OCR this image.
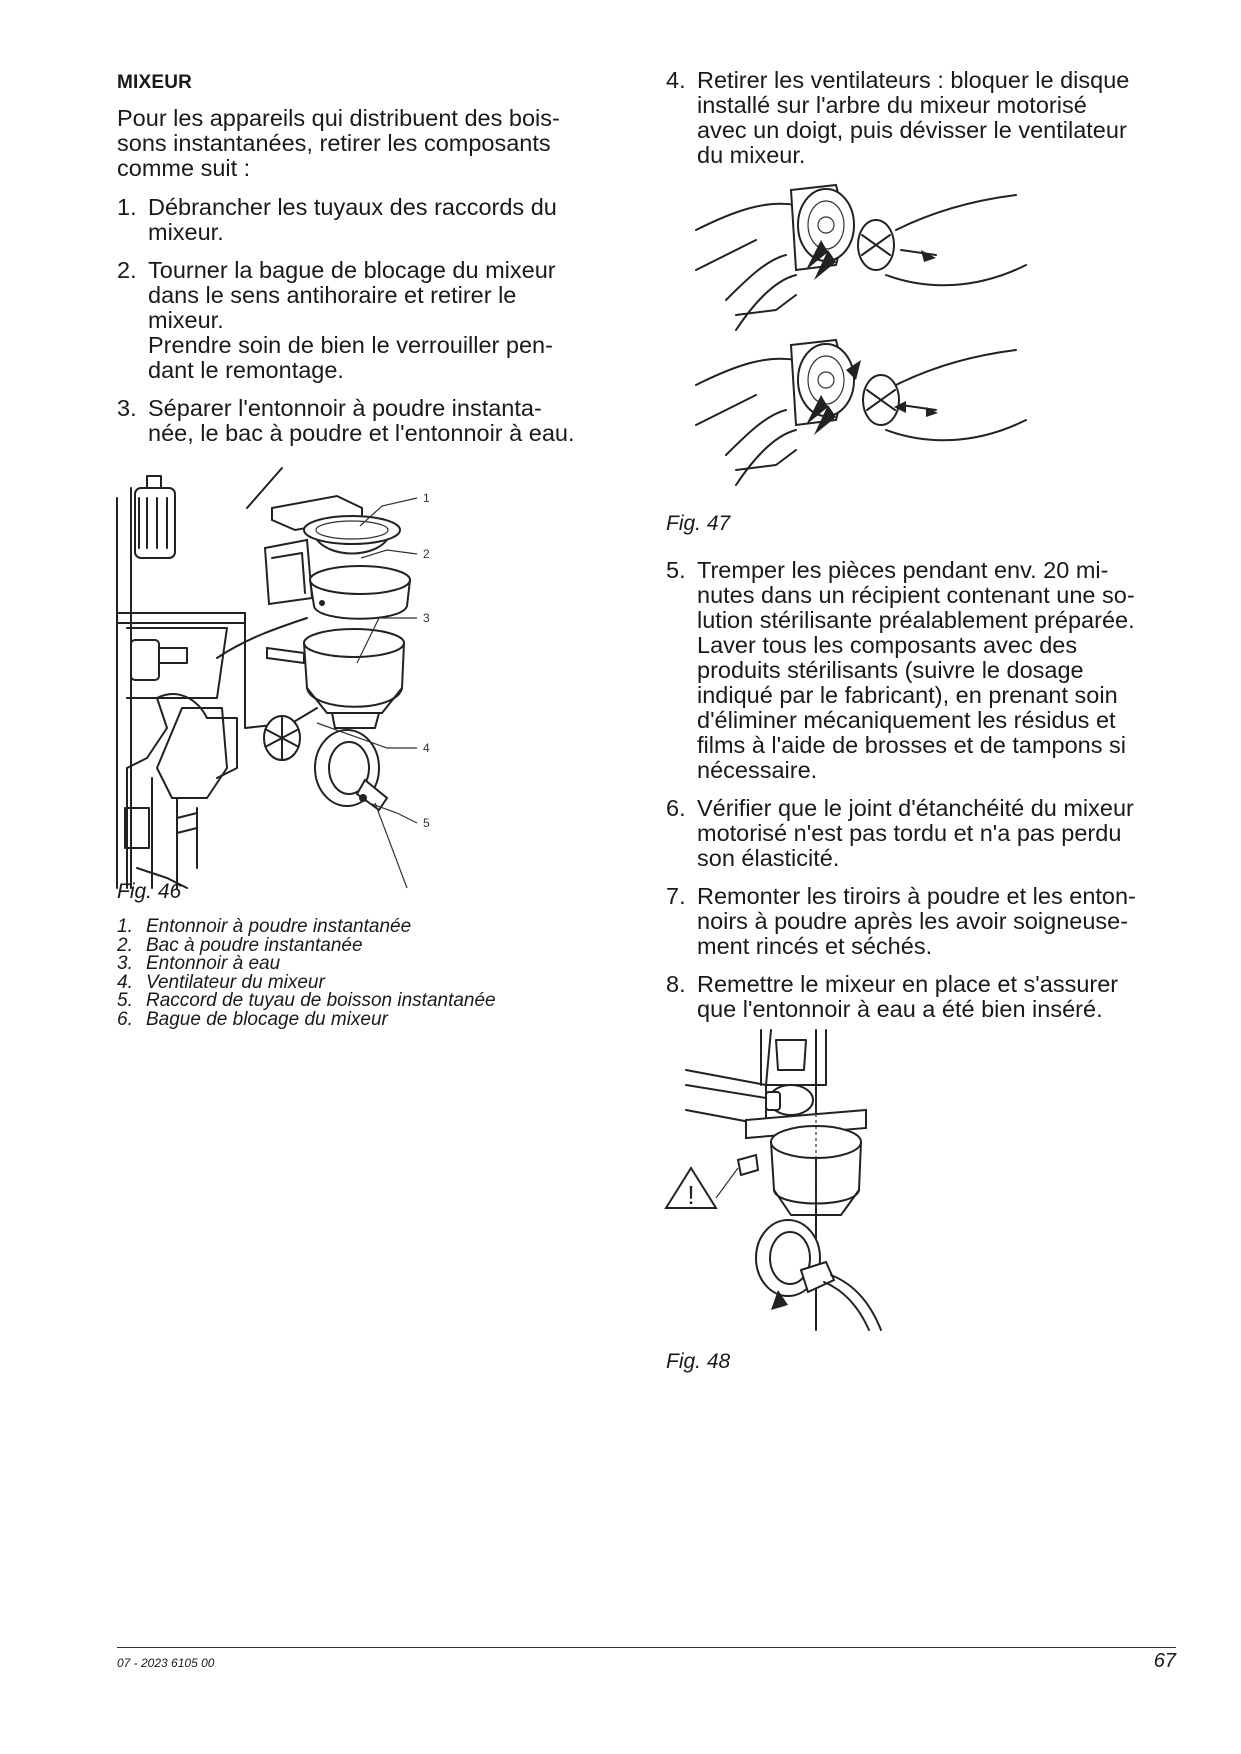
MIXEUR

Pour les appareils qui distribuent des bois-
sons instantanées, retirer les composants
comme suit :

1. Débrancher les tuyaux des raccords du
mixeur.
2. Tourner la bague de blocage du mixeur
dans le sens antihoraire et retirer le
mixeur.
Prendre soin de bien le verrouiller pen-
dant le remontage.
3. Séparer l'entonnoir à poudre instanta-
née, le bac à poudre et l'entonnoir à eau.
1
2
3
4
5
Fig. 46
1. Entonnoir à poudre instantanée
2. Bac à poudre instantanée
3. Entonnoir à eau
4. Ventilateur du mixeur
5. Raccord de tuyau de boisson instantanée
6. Bague de blocage du mixeur
4. Retirer les ventilateurs : bloquer le disque
installé sur l'arbre du mixeur motorisé
avec un doigt, puis dévisser le ventilateur
du mixeur.
Fig. 47
5. Tremper les pièces pendant env. 20 mi-
nutes dans un récipient contenant une so-
lution stérilisante préalablement préparée.
Laver tous les composants avec des
produits stérilisants (suivre le dosage
indiqué par le fabricant), en prenant soin
d'éliminer mécaniquement les résidus et
films à l'aide de brosses et de tampons si
nécessaire.
6. Vérifier que le joint d'étanchéité du mixeur
motorisé n'est pas tordu et n'a pas perdu
son élasticité.
7. Remonter les tiroirs à poudre et les enton-
noirs à poudre après les avoir soigneuse-
ment rincés et séchés.
8. Remettre le mixeur en place et s'assurer
que l'entonnoir à eau a été bien inséré.
!
Fig. 48
07 - 2023 6105 00	67
